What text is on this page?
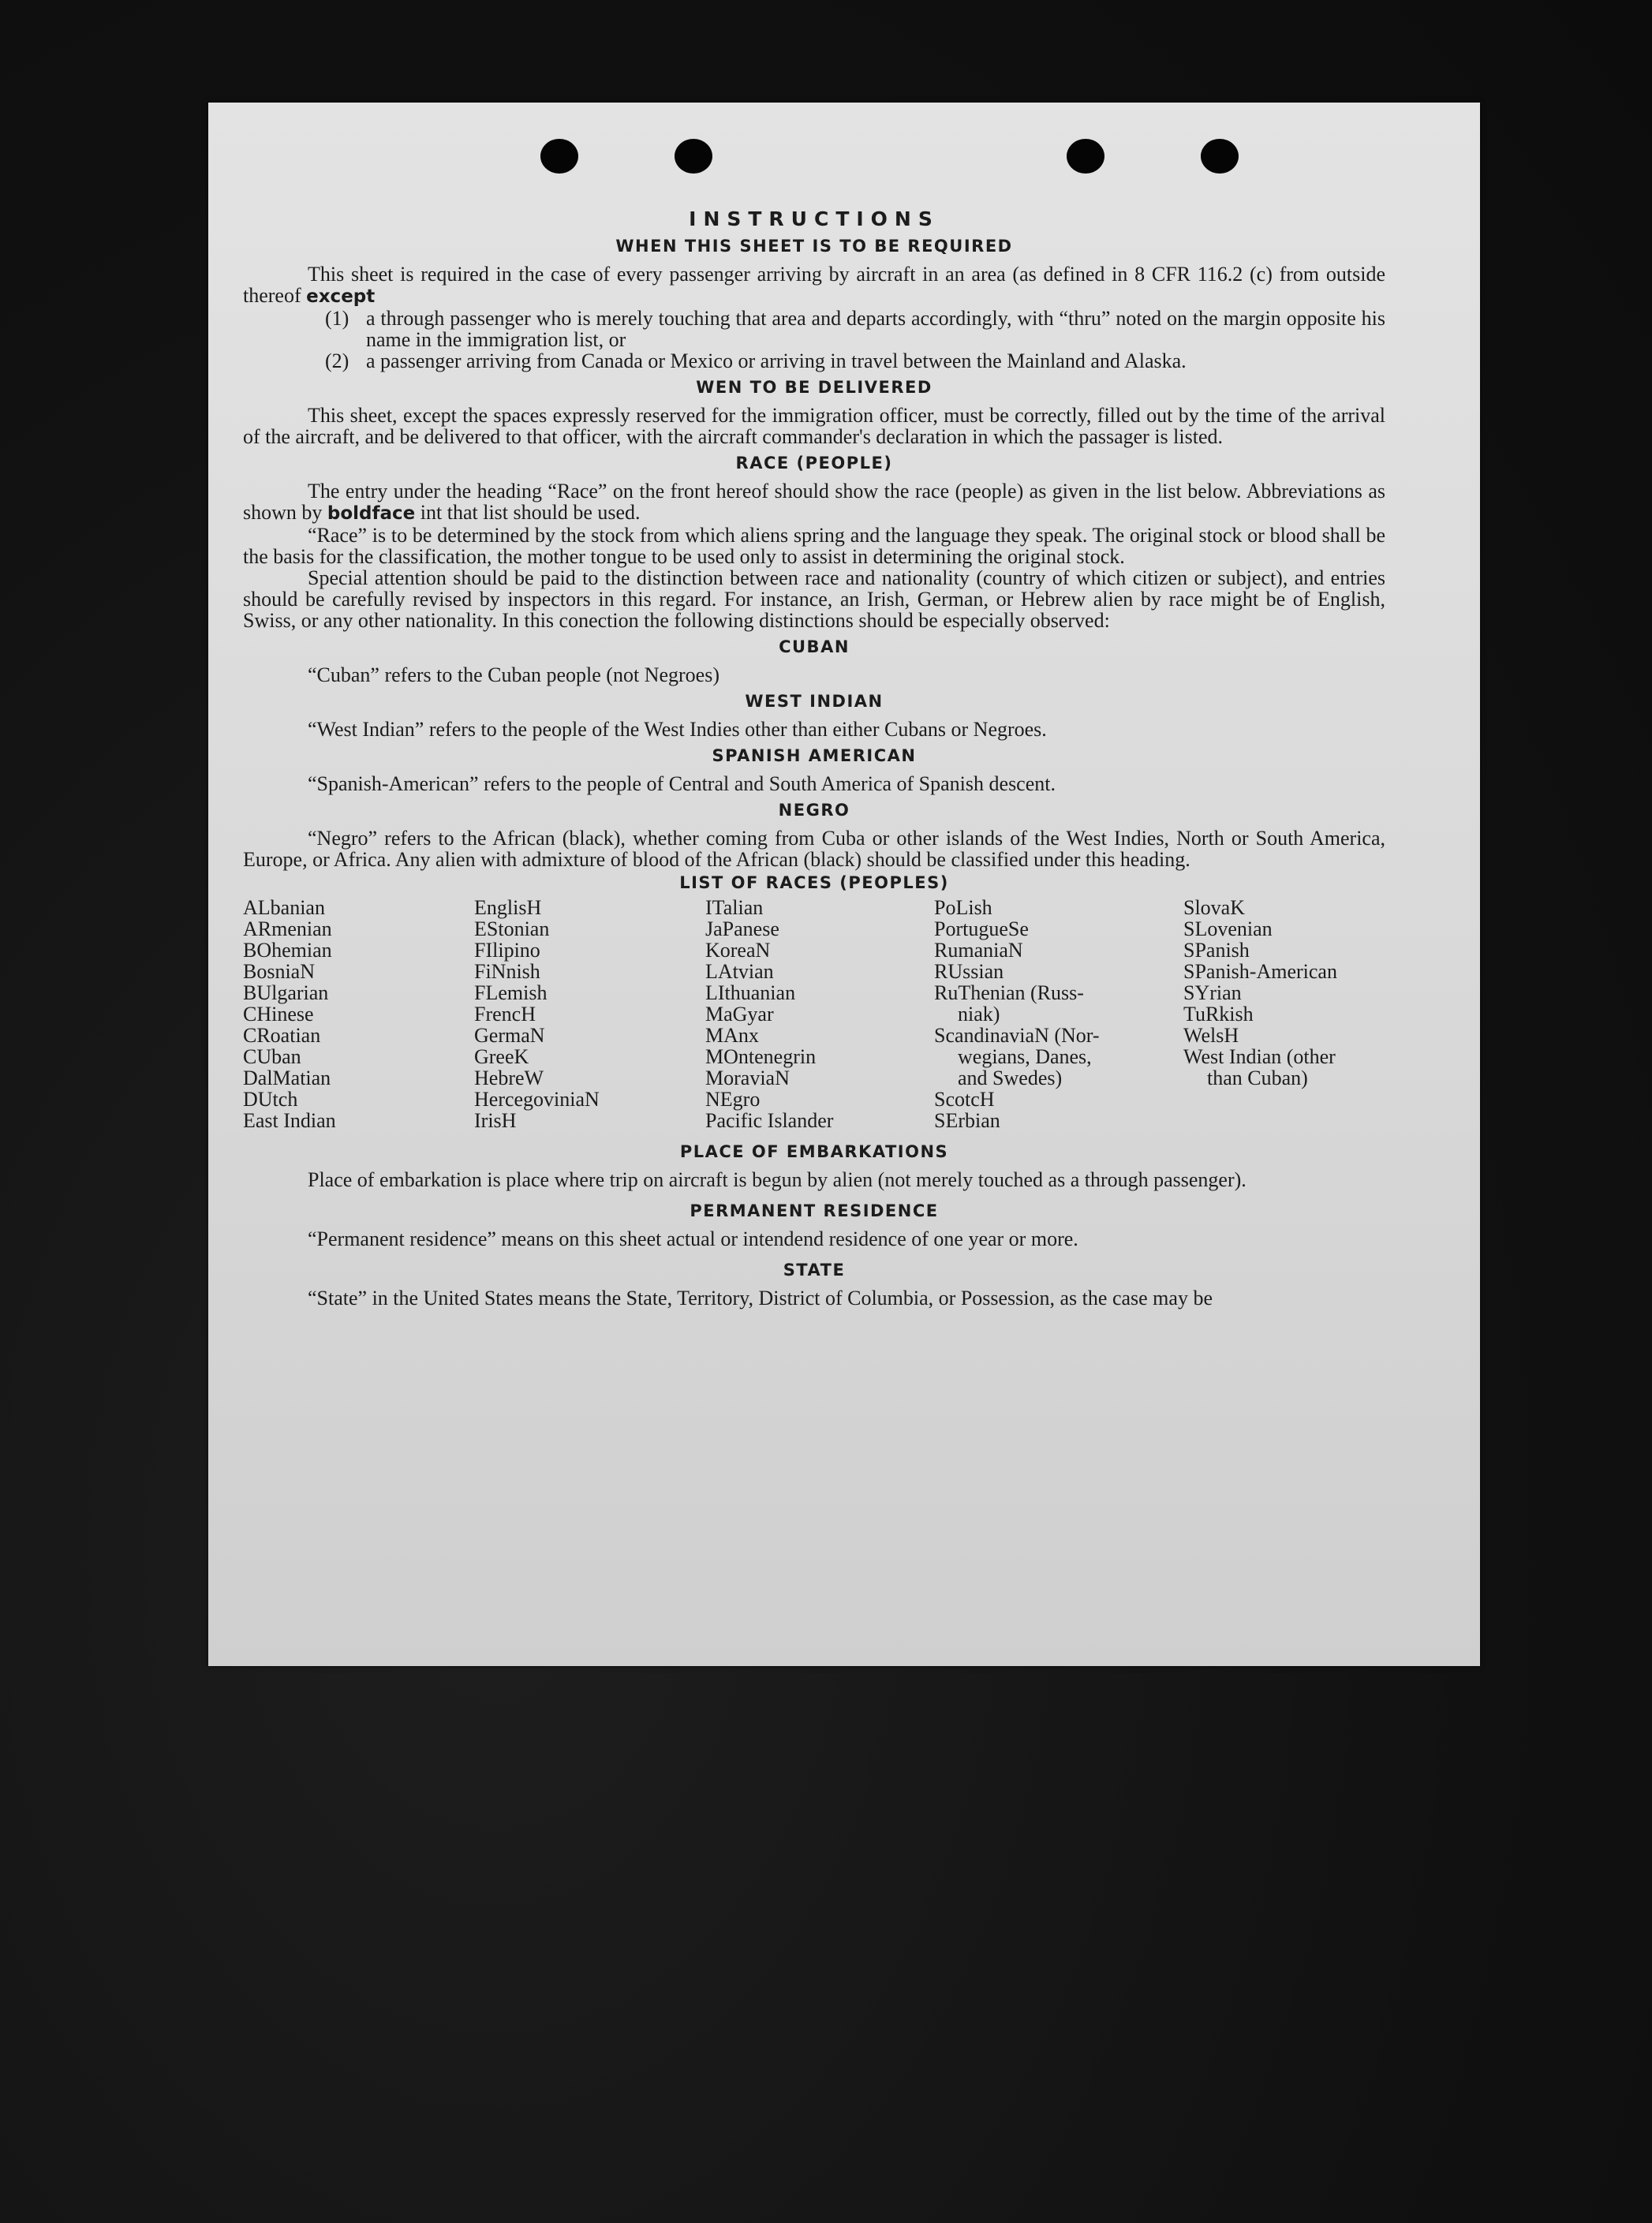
INSTRUCTIONS
WHEN THIS SHEET IS TO BE REQUIRED

This sheet is required in the case of every passenger arriving by aircraft in an area (as defined in 8 CFR 116.2 (c) from outside thereof except

(1) a through passenger who is merely touching that area and departs accordingly, with “thru” noted on the margin opposite his name in the immigration list, or
(2) a passenger arriving from Canada or Mexico or arriving in travel between the Mainland and Alaska.
WEN TO BE DELIVERED

This sheet, except the spaces expressly reserved for the immigration officer, must be correctly, filled out by the time of the arrival of the aircraft, and be delivered to that officer, with the aircraft commander's declaration in which the passager is listed.

RACE (PEOPLE)

The entry under the heading “Race” on the front hereof should show the race (people) as given in the list below. Abbreviations as shown by boldface int that list should be used.

“Race” is to be determined by the stock from which aliens spring and the language they speak. The original stock or blood shall be the basis for the classification, the mother tongue to be used only to assist in determining the original stock.

Special attention should be paid to the distinction between race and nationality (country of which citizen or subject), and entries should be carefully revised by inspectors in this regard. For instance, an Irish, German, or Hebrew alien by race might be of English, Swiss, or any other nationality. In this conection the following distinctions should be especially observed:

CUBAN
“Cuban” refers to the Cuban people (not Negroes)
WEST INDIAN
“West Indian” refers to the people of the West Indies other than either Cubans or Negroes.
SPANISH AMERICAN
“Spanish-American” refers to the people of Central and South America of Spanish descent.
NEGRO

“Negro” refers to the African (black), whether coming from Cuba or other islands of the West Indies, North or South America, Europe, or Africa. Any alien with admixture of blood of the African (black) should be classified under this heading.

LIST OF RACES (PEOPLES)
ALbanian
ARmenian
BOhemian
BosniaN
BUlgarian
CHinese
CRoatian
CUban
DalMatian
DUtch
East Indian
EnglisH
EStonian
FIlipino
FiNnish
FLemish
FrencH
GermaN
GreeK
HebreW
HercegoviniaN
IrisH
ITalian
JaPanese
KoreaN
LAtvian
LIthuanian
MaGyar
MAnx
MOntenegrin
MoraviaN
NEgro
Pacific Islander
PoLish
PortugueSe
RumaniaN
RUssian
RuThenian (Russ-
niak)
ScandinaviaN (Nor-
wegians, Danes,
and Swedes)
ScotcH
SErbian
SlovaK
SLovenian
SPanish
SPanish-American
SYrian
TuRkish
WelsH
West Indian (other
than Cuban)
PLACE OF EMBARKATIONS

Place of embarkation is place where trip on aircraft is begun by alien (not merely touched as a through passenger).

PERMANENT RESIDENCE
“Permanent residence” means on this sheet actual or intendend residence of one year or more.
STATE

“State” in the United States means the State, Territory, District of Columbia, or Possession, as the case may be
